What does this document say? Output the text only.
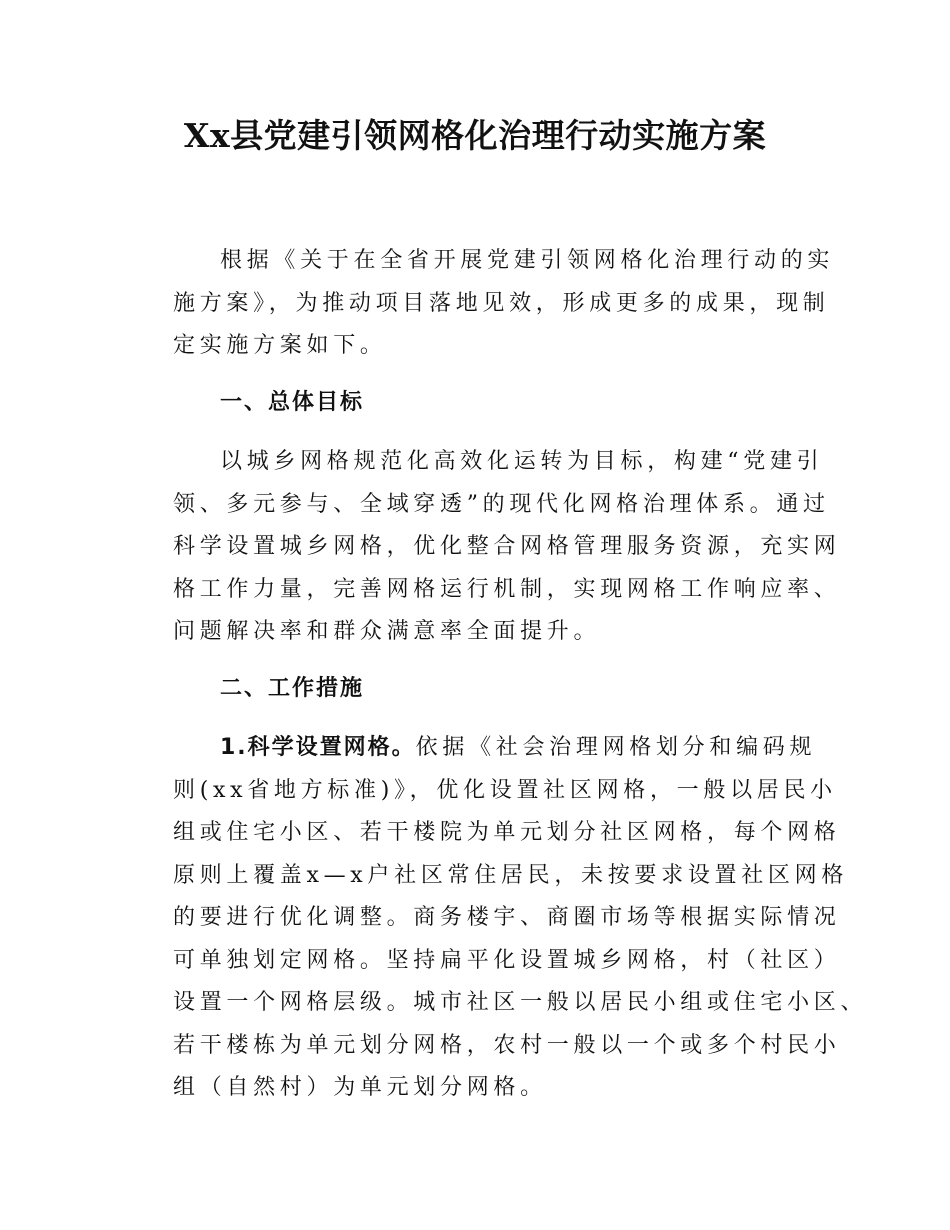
Xx县党建引领网格化治理行动实施方案

根据《关于在全省开展党建引领网格化治理行动的实
施方案》，为推动项目落地见效，形成更多的成果，现制
定实施方案如下。

一、总体目标

以城乡网格规范化高效化运转为目标，构建“党建引
领、多元参与、全域穿透”的现代化网格治理体系。通过
科学设置城乡网格，优化整合网格管理服务资源，充实网
格工作力量，完善网格运行机制，实现网格工作响应率、
问题解决率和群众满意率全面提升。

二、工作措施

1.科学设置网格。依据《社会治理网格划分和编码规
则(xx省地方标准)》，优化设置社区网格，一般以居民小
组或住宅小区、若干楼院为单元划分社区网格，每个网格
原则上覆盖x—x户社区常住居民，未按要求设置社区网格
的要进行优化调整。商务楼宇、商圈市场等根据实际情况
可单独划定网格。坚持扁平化设置城乡网格，村（社区）
设置一个网格层级。城市社区一般以居民小组或住宅小区、
若干楼栋为单元划分网格，农村一般以一个或多个村民小
组（自然村）为单元划分网格。
